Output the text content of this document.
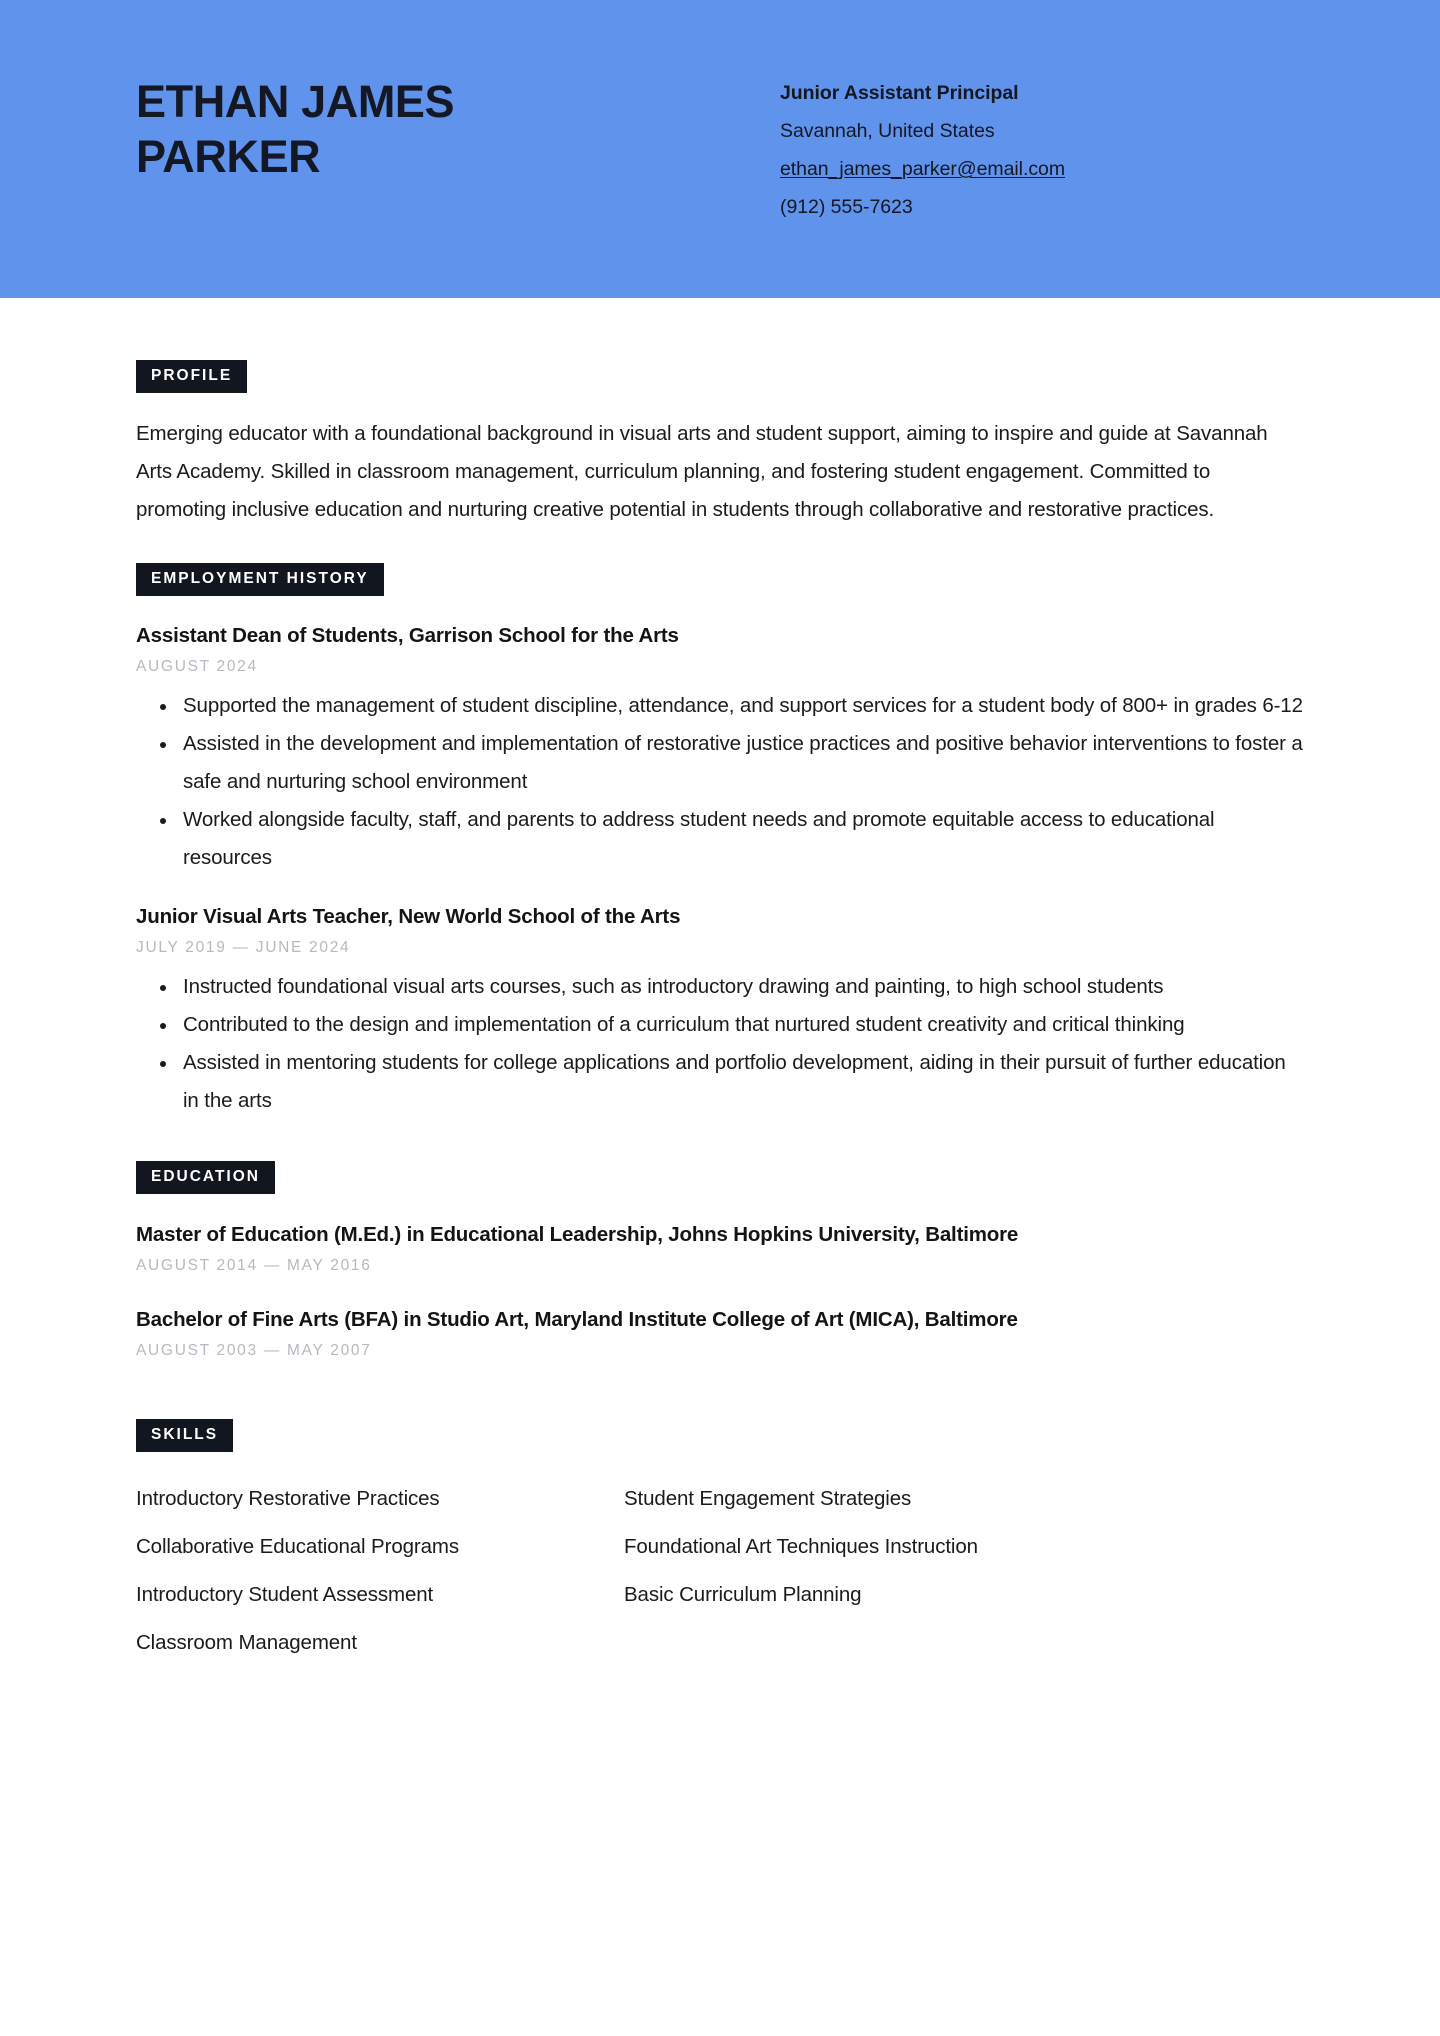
ETHAN JAMES
PARKER
Junior Assistant Principal
Savannah, United States
ethan_james_parker@email.com
(912) 555-7623
PROFILE

Emerging educator with a foundational background in visual arts and student support, aiming to inspire and guide at Savannah Arts Academy. Skilled in classroom management, curriculum planning, and fostering student engagement. Committed to promoting inclusive education and nurturing creative potential in students through collaborative and restorative practices.

EMPLOYMENT HISTORY
Assistant Dean of Students, Garrison School for the Arts
AUGUST 2024
Supported the management of student discipline, attendance, and support services for a student body of 800+ in grades 6-12
Assisted in the development and implementation of restorative justice practices and positive behavior interventions to foster a safe and nurturing school environment
Worked alongside faculty, staff, and parents to address student needs and promote equitable access to educational resources
Junior Visual Arts Teacher, New World School of the Arts
JULY 2019 — JUNE 2024
Instructed foundational visual arts courses, such as introductory drawing and painting, to high school students
Contributed to the design and implementation of a curriculum that nurtured student creativity and critical thinking
Assisted in mentoring students for college applications and portfolio development, aiding in their pursuit of further education in the arts
EDUCATION
Master of Education (M.Ed.) in Educational Leadership, Johns Hopkins University, Baltimore
AUGUST 2014 — MAY 2016
Bachelor of Fine Arts (BFA) in Studio Art, Maryland Institute College of Art (MICA), Baltimore
AUGUST 2003 — MAY 2007
SKILLS
Introductory Restorative Practices	Student Engagement Strategies
Collaborative Educational Programs	Foundational Art Techniques Instruction
Introductory Student Assessment	Basic Curriculum Planning
Classroom Management
